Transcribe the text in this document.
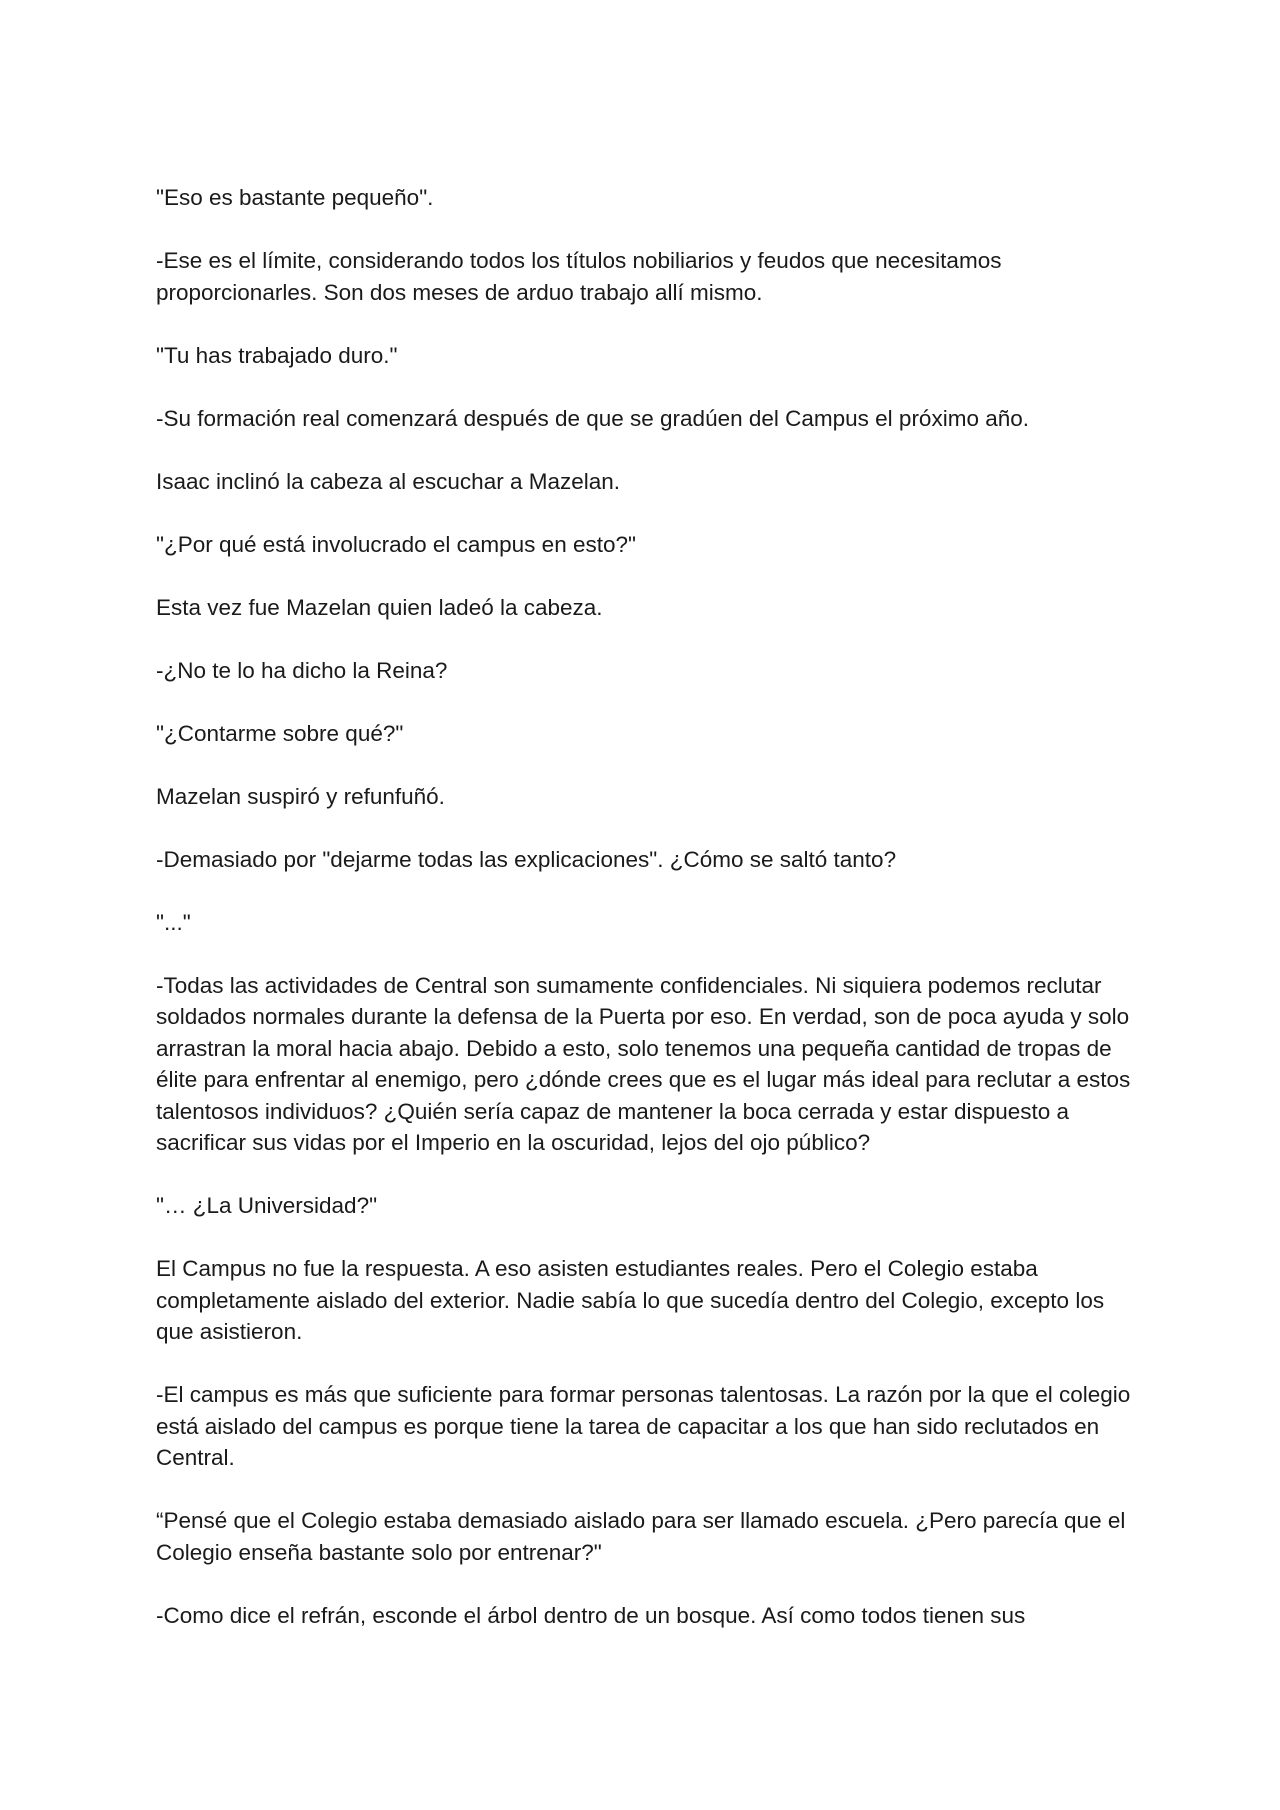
"Eso es bastante pequeño".

-Ese es el límite, considerando todos los títulos nobiliarios y feudos que necesitamos proporcionarles. Son dos meses de arduo trabajo allí mismo.

"Tu has trabajado duro."

-Su formación real comenzará después de que se gradúen del Campus el próximo año.

Isaac inclinó la cabeza al escuchar a Mazelan.

"¿Por qué está involucrado el campus en esto?"

Esta vez fue Mazelan quien ladeó la cabeza.

-¿No te lo ha dicho la Reina?

"¿Contarme sobre qué?"

Mazelan suspiró y refunfuñó.

-Demasiado por "dejarme todas las explicaciones". ¿Cómo se saltó tanto?

"..."

-Todas las actividades de Central son sumamente confidenciales. Ni siquiera podemos reclutar soldados normales durante la defensa de la Puerta por eso. En verdad, son de poca ayuda y solo arrastran la moral hacia abajo. Debido a esto, solo tenemos una pequeña cantidad de tropas de élite para enfrentar al enemigo, pero ¿dónde crees que es el lugar más ideal para reclutar a estos talentosos individuos? ¿Quién sería capaz de mantener la boca cerrada y estar dispuesto a sacrificar sus vidas por el Imperio en la oscuridad, lejos del ojo público?

"… ¿La Universidad?"

El Campus no fue la respuesta. A eso asisten estudiantes reales. Pero el Colegio estaba completamente aislado del exterior. Nadie sabía lo que sucedía dentro del Colegio, excepto los que asistieron.

-El campus es más que suficiente para formar personas talentosas. La razón por la que el colegio está aislado del campus es porque tiene la tarea de capacitar a los que han sido reclutados en Central.

“Pensé que el Colegio estaba demasiado aislado para ser llamado escuela. ¿Pero parecía que el Colegio enseña bastante solo por entrenar?"

-Como dice el refrán, esconde el árbol dentro de un bosque. Así como todos tienen sus
